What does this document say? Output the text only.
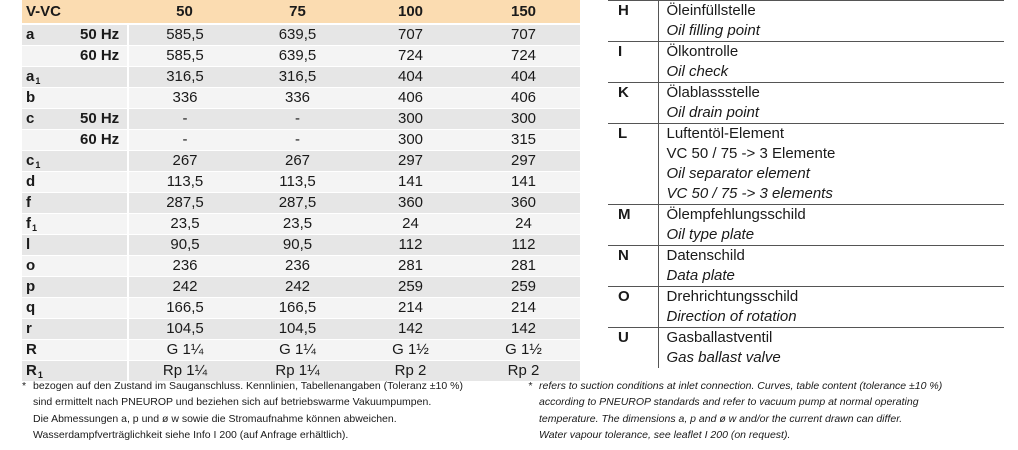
V-VC		50	75	100	150
a	50 Hz	585,5	639,5	707	707
	60 Hz	585,5	639,5	724	724
$a_1$		316,5	316,5	404	404
b		336	336	406	406
c	50 Hz	-	-	300	300
	60 Hz	-	-	300	315
$c_1$		267	267	297	297
d		113,5	113,5	141	141
f		287,5	287,5	360	360
$f_1$		23,5	23,5	24	24
l		90,5	90,5	112	112
o		236	236	281	281
p		242	242	259	259
q		166,5	166,5	214	214
r		104,5	104,5	142	142
R		G 1¼	G 1¼	G 1½	G 1½
$R_1$		Rp 1¼	Rp 1¼	Rp 2	Rp 2
H	Öleinfüllstelle
Oil filling point

I	Ölkontrolle
Oil check

K	Ölablassstelle
Oil drain point

L	Luftentöl-Element
VC 50 / 75 -> 3 Elemente
Oil separator element
VC 50 / 75 -> 3 elements

M	Ölempfehlungsschild
Oil type plate

N	Datenschild
Data plate

O	Drehrichtungsschild
Direction of rotation

U	Gasballastventil
Gas ballast valve
* bezogen auf den Zustand im Sauganschluss. Kennlinien, Tabellenangaben (Toleranz ±10 %)
sind ermittelt nach PNEUROP und beziehen sich auf betriebswarme Vakuumpumpen.
Die Abmessungen a, p und ø w sowie die Stromaufnahme können abweichen.
Wasserdampfverträglichkeit siehe Info I 200 (auf Anfrage erhältlich).
* refers to suction conditions at inlet connection. Curves, table content (tolerance ±10 %)
according to PNEUROP standards and refer to vacuum pump at normal operating
temperature. The dimensions a, p and ø w and/or the current drawn can differ.
Water vapour tolerance, see leaflet I 200 (on request).
